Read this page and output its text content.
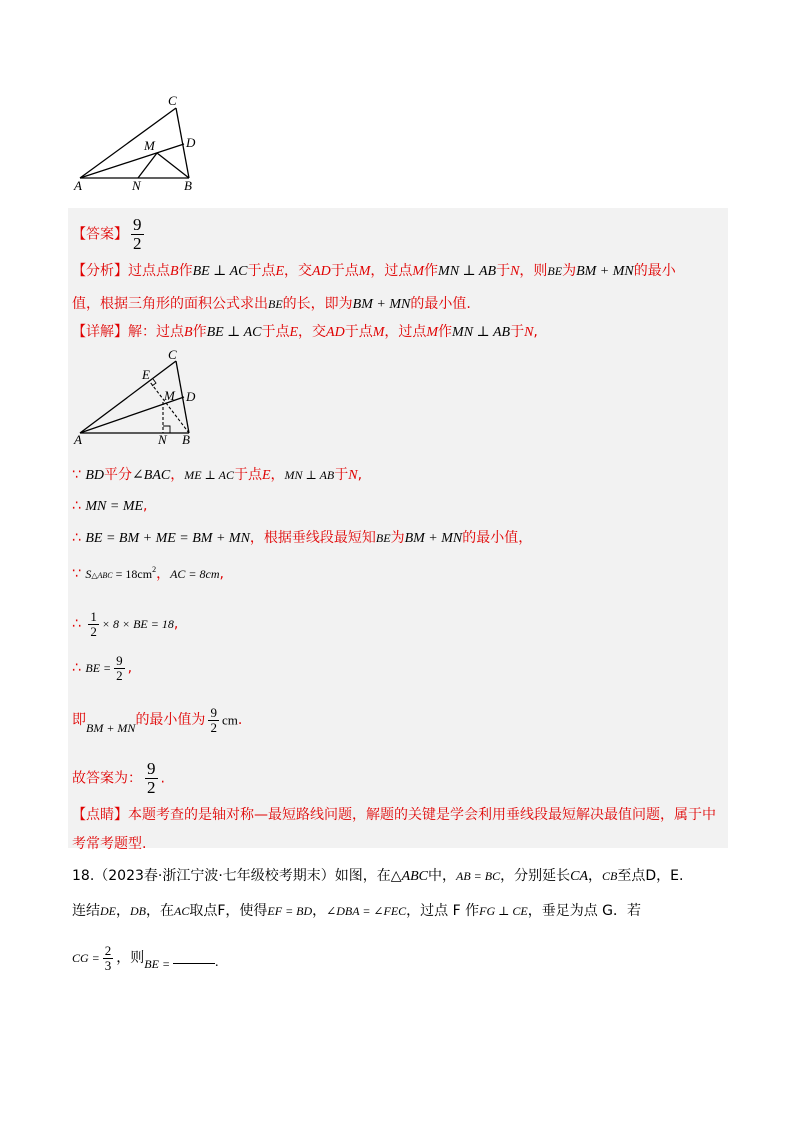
C
D
M
A	N	B
【答案】 $\frac{9}{2}$
【分析】过点点B作BE ⊥ AC于点E，交AD于点M，过点M作MN ⊥ AB于N，则BE为BM + MN的最小
值，根据三角形的面积公式求出BE的长，即为BM + MN的最小值.
【详解】解：过点B作BE ⊥ AC于点E，交AD于点M，过点M作MN ⊥ AB于N,
C
E
M D
A	N B
∵ BD平分∠BAC，ME ⊥ AC于点E，MN ⊥ AB于N,
∴ MN = ME,
∴ BE = BM + ME = BM + MN，根据垂线段最短知BE为BM + MN的最小值，
∵ S△ABC = $18cm^2$，AC = 8cm,
∴ $\frac{1}{2} \times 8$ × BE = 18,
∴ BE = $\frac{9}{2}$ ,
即BM + MN的最小值为 $\frac{9}{2}$ cm.
故答案为： $\frac{9}{2}$ .
【点睛】本题考查的是轴对称—最短路线问题，解题的关键是学会利用垂线段最短解决最值问题，属于中
考常考题型.
18.（2023春·浙江宁波·七年级校考期末）如图，在△ABC中，AB = BC，分别延长CA，CB至点D，E.
连结DE，DB，在AC取点F，使得EF = BD，∠DBA = ∠FEC，过点 F 作FG ⊥ CE，垂足为点 G．若
CG = $\frac{2}{3}$ ，则BE =	.
